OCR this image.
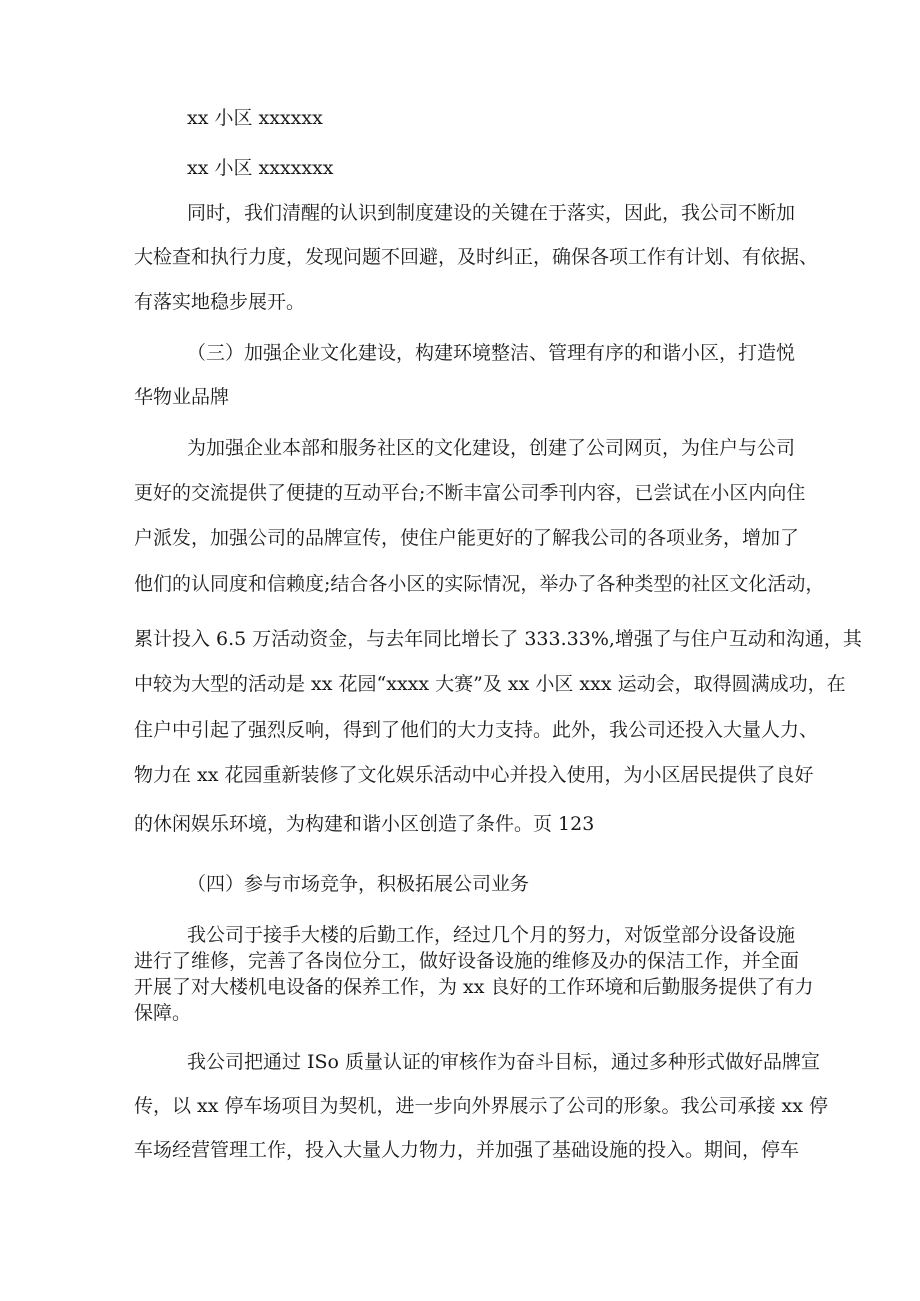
xx 小区 xxxxxx
xx 小区 xxxxxxx
同时，我们清醒的认识到制度建设的关键在于落实，因此，我公司不断加
大检查和执行力度，发现问题不回避，及时纠正，确保各项工作有计划、有依据、
有落实地稳步展开。
（三）加强企业文化建设，构建环境整洁、管理有序的和谐小区，打造悦
华物业品牌
为加强企业本部和服务社区的文化建设，创建了公司网页，为住户与公司
更好的交流提供了便捷的互动平台;不断丰富公司季刊内容，已尝试在小区内向住
户派发，加强公司的品牌宣传，使住户能更好的了解我公司的各项业务，增加了
他们的认同度和信赖度;结合各小区的实际情况，举办了各种类型的社区文化活动，
累计投入 6.5 万活动资金，与去年同比增长了 333.33%,增强了与住户互动和沟通，其
中较为大型的活动是 xx 花园“xxxx 大赛”及 xx 小区 xxx 运动会，取得圆满成功，在
住户中引起了强烈反响，得到了他们的大力支持。此外，我公司还投入大量人力、
物力在 xx 花园重新装修了文化娱乐活动中心并投入使用，为小区居民提供了良好
的休闲娱乐环境，为构建和谐小区创造了条件。页 123
（四）参与市场竞争，积极拓展公司业务
我公司于接手大楼的后勤工作，经过几个月的努力，对饭堂部分设备设施
进行了维修，完善了各岗位分工，做好设备设施的维修及办的保洁工作，并全面
开展了对大楼机电设备的保养工作，为 xx 良好的工作环境和后勤服务提供了有力
保障。
我公司把通过 ISo 质量认证的审核作为奋斗目标，通过多种形式做好品牌宣
传，以 xx 停车场项目为契机，进一步向外界展示了公司的形象。我公司承接 xx 停
车场经营管理工作，投入大量人力物力，并加强了基础设施的投入。期间，停车
